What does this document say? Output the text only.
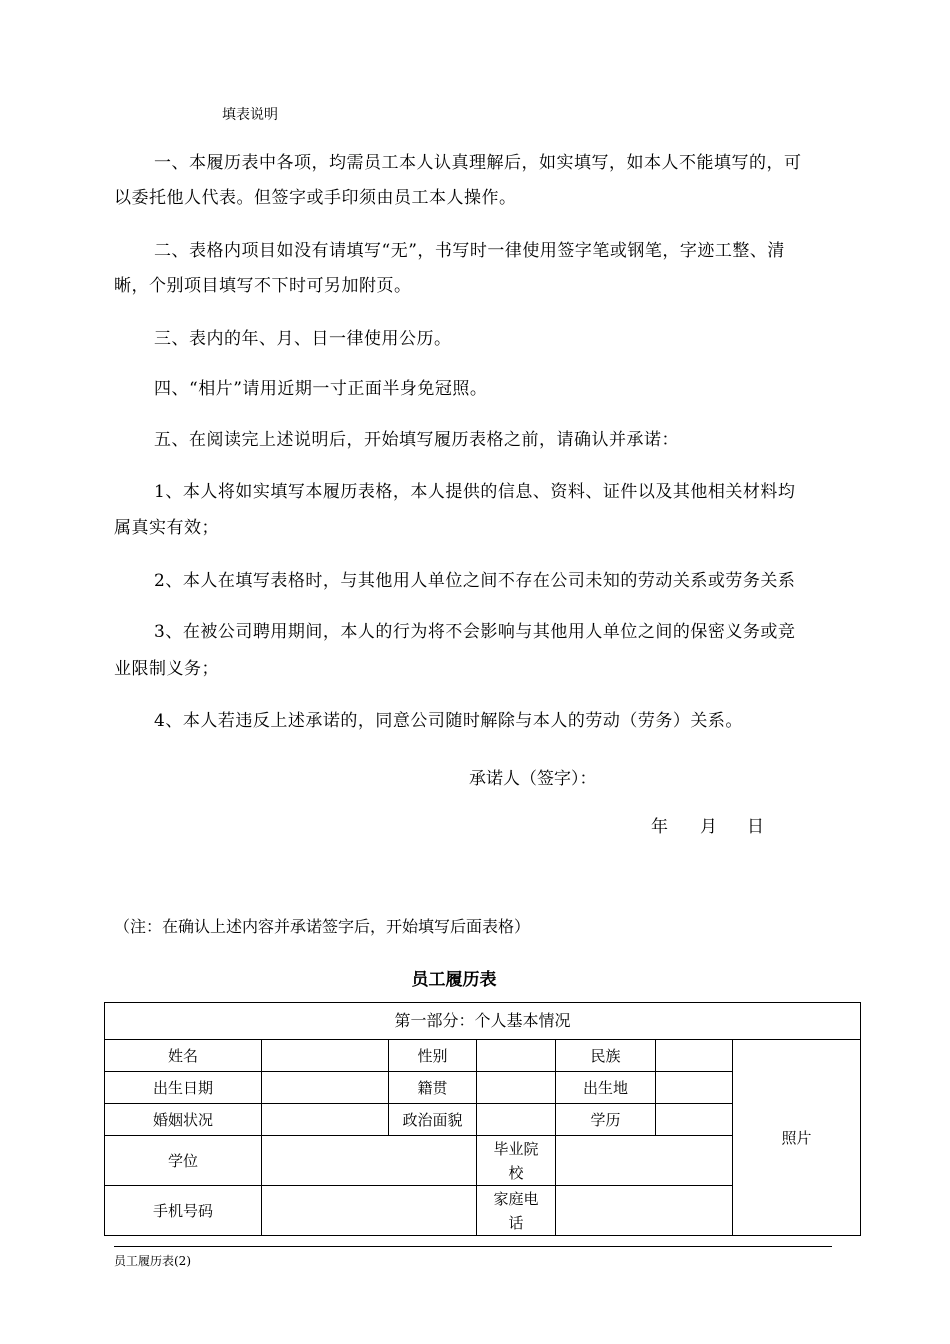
填表说明
一、本履历表中各项，均需员工本人认真理解后，如实填写，如本人不能填写的，可
以委托他人代表。但签字或手印须由员工本人操作。
二、表格内项目如没有请填写“无”，书写时一律使用签字笔或钢笔，字迹工整、清
晰，个别项目填写不下时可另加附页。
三、表内的年、月、日一律使用公历。
四、“相片”请用近期一寸正面半身免冠照。
五、在阅读完上述说明后，开始填写履历表格之前，请确认并承诺：
1、本人将如实填写本履历表格，本人提供的信息、资料、证件以及其他相关材料均
属真实有效；
2、本人在填写表格时，与其他用人单位之间不存在公司未知的劳动关系或劳务关系
3、在被公司聘用期间，本人的行为将不会影响与其他用人单位之间的保密义务或竞
业限制义务；
4、本人若违反上述承诺的，同意公司随时解除与本人的劳动（劳务）关系。
承诺人（签字）：
年 月 日
（注：在确认上述内容并承诺签字后，开始填写后面表格）
员工履历表
第一部分：个人基本情况						
姓名		性别		民族		照片
出生日期		籍贯		出生地		
婚姻状况		政治面貌		学历		
学位			毕业院
校			

手机号码			家庭电
话			

员工履历表(2)
